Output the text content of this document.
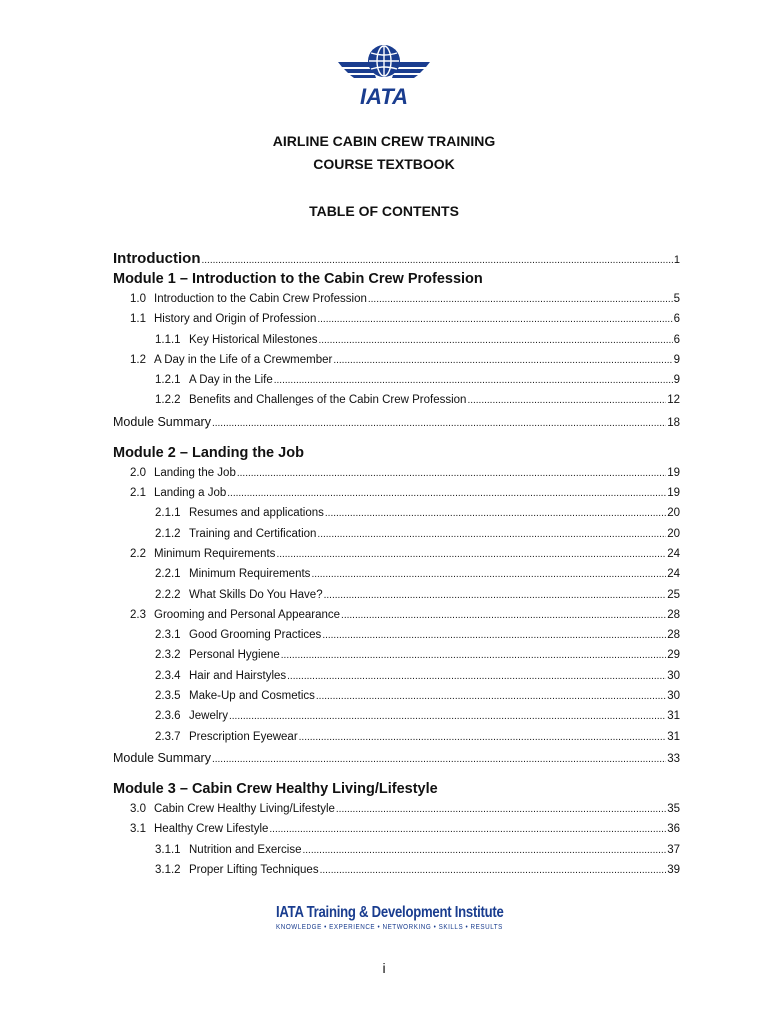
IATA
AIRLINE CABIN CREW TRAINING
COURSE TEXTBOOK
TABLE OF CONTENTS
Introduction .....	1
Module 1 – Introduction to the Cabin Crew Profession
1.0 Introduction to the Cabin Crew Profession .....	5
1.1 History and Origin of Profession .....	6
1.1.1 Key Historical Milestones .....	6
1.2 A Day in the Life of a Crewmember .....	9
1.2.1 A Day in the Life .....	9
1.2.2 Benefits and Challenges of the Cabin Crew Profession .....	12
Module Summary .....	18
Module 2 – Landing the Job
2.0 Landing the Job .....	19
2.1 Landing a Job .....	19
2.1.1 Resumes and applications .....	20
2.1.2 Training and Certification .....	20
2.2 Minimum Requirements .....	24
2.2.1 Minimum Requirements .....	24
2.2.2 What Skills Do You Have? .....	25
2.3 Grooming and Personal Appearance .....	28
2.3.1 Good Grooming Practices .....	28
2.3.2 Personal Hygiene .....	29
2.3.4 Hair and Hairstyles .....	30
2.3.5 Make-Up and Cosmetics .....	30
2.3.6 Jewelry .....	31
2.3.7 Prescription Eyewear .....	31
Module Summary .....	33
Module 3 – Cabin Crew Healthy Living/Lifestyle
3.0 Cabin Crew Healthy Living/Lifestyle .....	35
3.1 Healthy Crew Lifestyle .....	36
3.1.1 Nutrition and Exercise .....	37
3.1.2 Proper Lifting Techniques .....	39
IATA Training & Development Institute
KNOWLEDGE • EXPERIENCE • NETWORKING • SKILLS • RESULTS
i
